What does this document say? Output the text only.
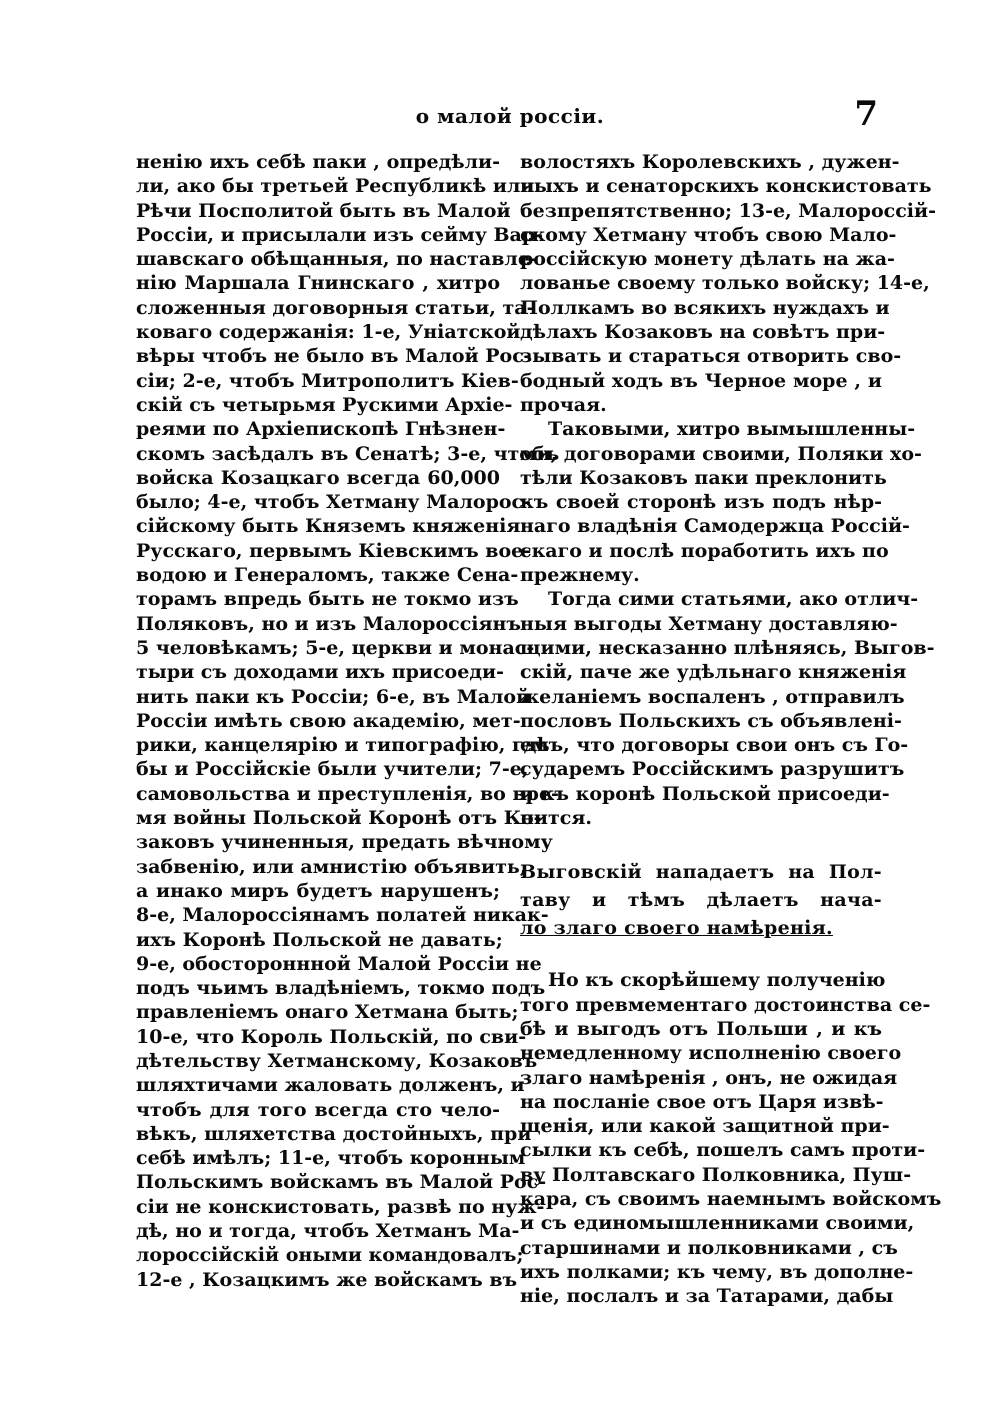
о малой россіи.	7
ненію ихъ себѣ паки , опредѣли-
ли, ако бы третьей Республикѣ или
Рѣчи Посполитой быть въ Малой
Россіи, и присылали изъ сейму Вар-
шавскаго обѣщанныя, по наставле-
нію Маршала Гнинскаго , хитро
сложенныя договорныя статьи, та-
коваго содержанія: 1-е, Уніатской
вѣры чтобъ не было въ Малой Рос-
сіи; 2-е, чтобъ Митрополитъ Кіев-
скій съ четырьмя Рускими Архіе-
реями по Архіепископѣ Гнѣзнен-
скомъ засѣдалъ въ Сенатѣ; 3-е, чтобъ
войска Козацкаго всегда 60,000
было; 4-е, чтобъ Хетману Малорос-
сійскому быть Княземъ княженія
Русскаго, первымъ Кіевскимъ вое-
водою и Генераломъ, также Сена-
торамъ впредь быть не токмо изъ
Поляковъ, но и изъ Малороссіянъ
5 человѣкамъ; 5-е, церкви и монас-
тыри съ доходами ихъ присоеди-
нить паки къ Россіи; 6-е, въ Малой
Россіи имѣть свою академію, мет-
рики, канцелярію и типографію, гдѣ
бы и Россійскіе были учители; 7-е,
самовольства и преступленія, во вре-
мя войны Польской Коронѣ отъ Ко-
заковъ учиненныя, предать вѣчному
забвенію, или амнистію объявить,
а инако миръ будетъ нарушенъ;
8-е, Малороссіянамъ полатей никак-
ихъ Коронѣ Польской не давать;
9-е, обостороннной Малой Россіи не
подъ чьимъ владѣніемъ, токмо подъ
правленіемъ онаго Хетмана быть;
10-е, что Король Польскій, по сви-
дѣтельству Хетманскому, Козаковъ
шляхтичами жаловать долженъ, и
чтобъ для того всегда сто чело-
вѣкъ, шляхетства достойныхъ, при
себѣ имѣлъ; 11-е, чтобъ коронным
Польскимъ войскамъ въ Малой Рос-
сіи не конскистовать, развѣ по нуж-
дѣ, но и тогда, чтобъ Хетманъ Ма-
лороссійскій оными командовалъ;
12-е , Козацкимъ же войскамъ въ
волостяхъ Королевскихъ , дужен-
ныхъ и сенаторскихъ конскистовать
безпрепятственно; 13-е, Малороссій-
скому Хетману чтобъ свою Мало-
россійскую монету дѣлать на жа-
лованье своему только войску; 14-е,
Поллкамъ во всякихъ нуждахъ и
дѣлахъ Козаковъ на совѣтъ при-
зывать и стараться отворить сво-
бодный ходъ въ Черное море , и
прочая.
Таковыми, хитро вымышленны-
ми, договорами своими, Поляки хо-
тѣли Козаковъ паки преклонить
къ своей сторонѣ изъ подъ нѣр-
наго владѣнія Самодержца Россій-
скаго и послѣ поработить ихъ по
прежнему.
Тогда сими статьями, ако отлич-
ныя выгоды Хетману доставляю-
щими, несказанно плѣняясь, Выгов-
скій, паче же удѣльнаго княженія
желаніемъ воспаленъ , отправилъ
пословъ Польскихъ съ объявлені-
емъ, что договоры свои онъ съ Го-
сударемъ Россійскимъ разрушитъ
и къ коронѣ Польской присоеди-
нится.
Выговскій нападаетъ на Пол-
таву и тѣмъ дѣлаетъ нача-
ло злаго своего намѣренія.
Но къ скорѣйшему полученію
того превмементаго достоинства се-
бѣ и выгодъ отъ Польши , и къ
немедленному исполненію своего
злаго намѣренія , онъ, не ожидая
на посланіе свое отъ Царя извѣ-
щенія, или какой защитной при-
сылки къ себѣ, пошелъ самъ проти-
ву Полтавскаго Полковника, Пуш-
кара, съ своимъ наемнымъ войскомъ
и съ единомышленниками своими,
старшинами и полковниками , съ
ихъ полками; къ чему, въ дополне-
ніе, послалъ и за Татарами, дабы
